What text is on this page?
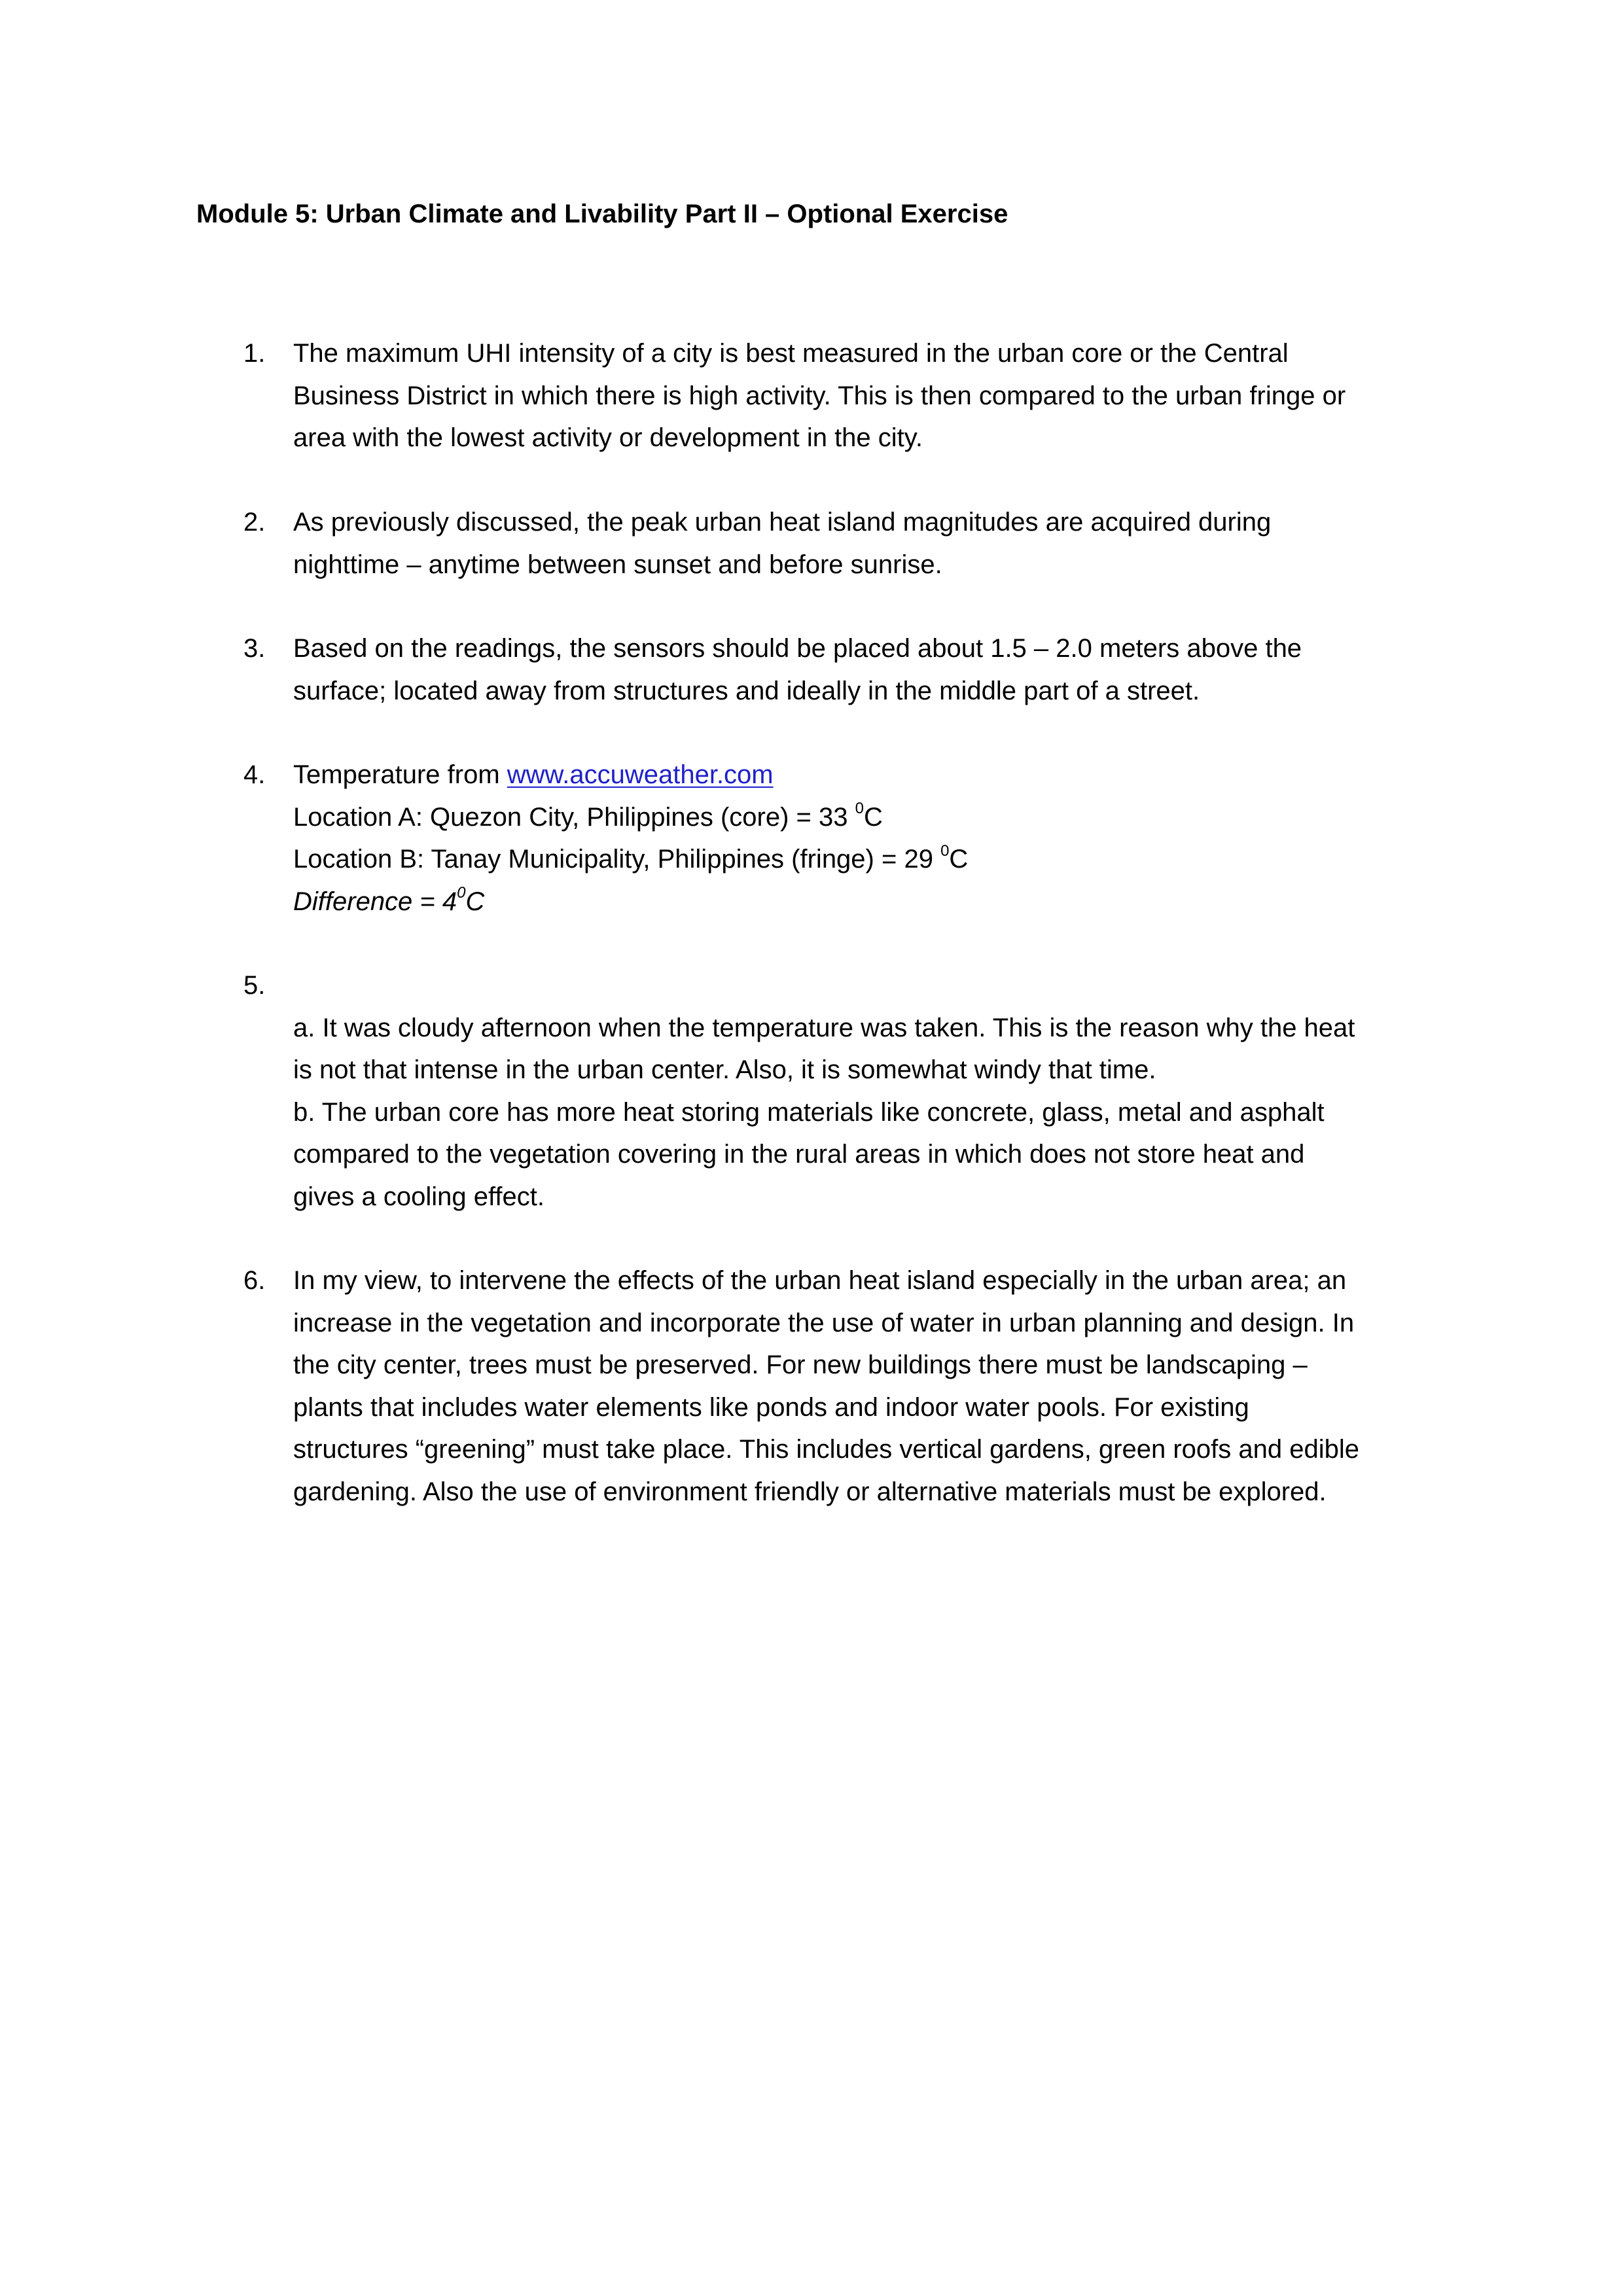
Module 5: Urban Climate and Livability Part II – Optional Exercise
1.	The maximum UHI intensity of a city is best measured in the urban core or the Central
Business District in which there is high activity. This is then compared to the urban fringe or
area with the lowest activity or development in the city.
2.	As previously discussed, the peak urban heat island magnitudes are acquired during
nighttime – anytime between sunset and before sunrise.
3.	Based on the readings, the sensors should be placed about 1.5 – 2.0 meters above the
surface; located away from structures and ideally in the middle part of a street.
4.	Temperature from www.accuweather.com
Location A: Quezon City, Philippines (core) = 33 $^0$C
Location B: Tanay Municipality, Philippines (fringe) = 29 $^0$C
Difference = $4^0C$
5.
a. It was cloudy afternoon when the temperature was taken. This is the reason why the heat
is not that intense in the urban center. Also, it is somewhat windy that time.
b. The urban core has more heat storing materials like concrete, glass, metal and asphalt
compared to the vegetation covering in the rural areas in which does not store heat and
gives a cooling effect.
6.	In my view, to intervene the effects of the urban heat island especially in the urban area; an
increase in the vegetation and incorporate the use of water in urban planning and design. In
the city center, trees must be preserved. For new buildings there must be landscaping –
plants that includes water elements like ponds and indoor water pools. For existing
structures “greening” must take place. This includes vertical gardens, green roofs and edible
gardening. Also the use of environment friendly or alternative materials must be explored.
